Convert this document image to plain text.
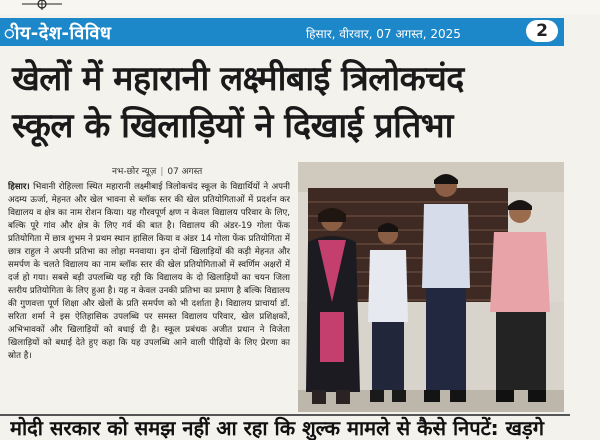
ीय-देश-विविध	हिसार, वीरवार, 07 अगस्त, 2025	2
खेलों में महारानी लक्ष्मीबाई त्रिलोकचंद
स्कूल के खिलाड़ियों ने दिखाई प्रतिभा
नभ-छोर न्यूज़ | 07 अगस्त
हिसार। भिवानी रोहिल्ला स्थित महारानी लक्ष्मीबाई त्रिलोकचंद स्कूल के विद्यार्थियों ने अपनी अदम्य ऊर्जा, मेहनत और खेल भावना से ब्लॉक स्तर की खेल प्रतियोगिताओं में प्रदर्शन कर विद्यालय व क्षेत्र का नाम रोशन किया। यह गौरवपूर्ण क्षण न केवल विद्यालय परिवार के लिए, बल्कि पूरे गांव और क्षेत्र के लिए गर्व की बात है। विद्यालय की अंडर-19 गोला फेंक प्रतियोगिता में छात्र शुभम ने प्रथम स्थान हासिल किया व अंडर 14 गोला फेंक प्रतियोगिता में छात्र राहुल ने अपनी प्रतिभा का लोहा मनवाया। इन दोनों खिलाड़ियों की कड़ी मेहनत और समर्पण के चलते विद्यालय का नाम ब्लॉक स्तर की खेल प्रतियोगिताओं में स्वर्णिम अक्षरों में दर्ज हो गया। सबसे बड़ी उपलब्धि यह रही कि विद्यालय के दो खिलाड़ियों का चयन जिला स्तरीय प्रतियोगिता के लिए हुआ है। यह न केवल उनकी प्रतिभा का प्रमाण है बल्कि विद्यालय की गुणवत्ता पूर्ण शिक्षा और खेलों के प्रति समर्पण को भी दर्शाता है। विद्यालय प्राचार्या डॉ. सरिता शर्मा ने इस ऐतिहासिक उपलब्धि पर समस्त विद्यालय परिवार, खेल प्रशिक्षकों, अभिभावकों और खिलाड़ियों को बधाई दी है। स्कूल प्रबंधक अजीत प्रधान ने विजेता खिलाड़ियों को बधाई देते हुए कहा कि यह उपलब्धि आने वाली पीढ़ियों के लिए प्रेरणा का स्रोत है।
मोदी सरकार को समझ नहीं आ रहा कि शुल्क मामले से कैसे निपटें: खड़गे
